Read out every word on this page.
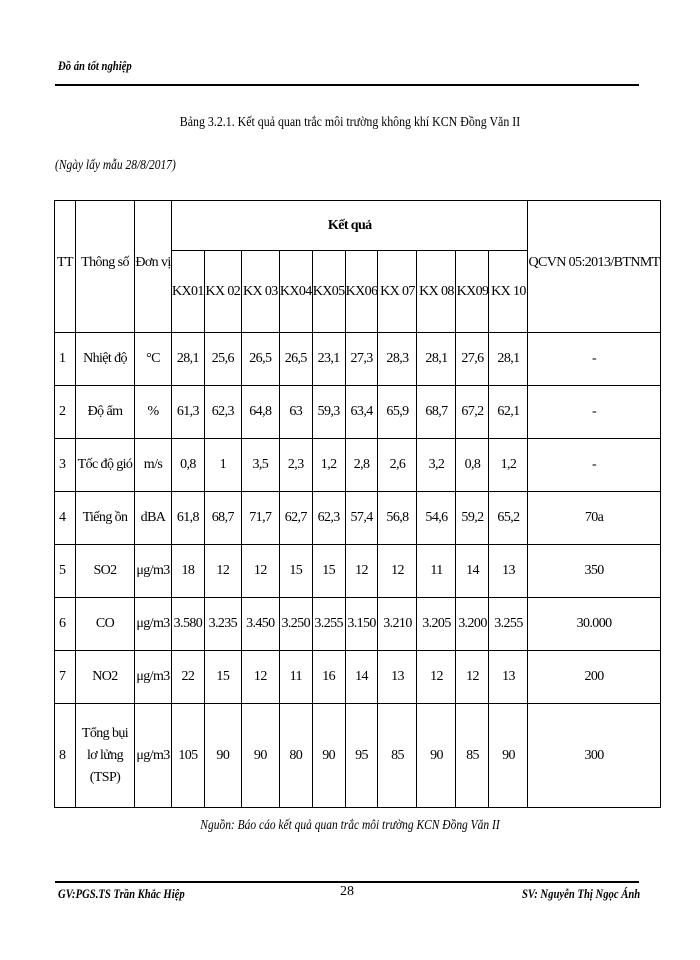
Đồ án tốt nghiệp
Bảng 3.2.1. Kết quả quan trắc môi trường không khí KCN Đồng Văn II
(Ngày lấy mẫu 28/8/2017)
TT	Thông số	Đơn vị	Kết quả										QCVN 05:2013/BTNMT
			KX01	KX 02	KX 03	KX04	KX05	KX06	KX 07	KX 08	KX09	KX 10	
1	Nhiệt độ	°C	28,1	25,6	26,5	26,5	23,1	27,3	28,3	28,1	27,6	28,1	-
2	Độ ẩm	%	61,3	62,3	64,8	63	59,3	63,4	65,9	68,7	67,2	62,1	-
3	Tốc độ gió	m/s	0,8	1	3,5	2,3	1,2	2,8	2,6	3,2	0,8	1,2	-
4	Tiếng ồn	dBA	61,8	68,7	71,7	62,7	62,3	57,4	56,8	54,6	59,2	65,2	70a
5	SO2	μg/m3	18	12	12	15	15	12	12	11	14	13	350
6	CO	μg/m3	3.580	3.235	3.450	3.250	3.255	3.150	3.210	3.205	3.200	3.255	30.000
7	NO2	μg/m3	22	15	12	11	16	14	13	12	12	13	200
8	Tổng bụi lơ lửng (TSP)	μg/m3	105	90	90	80	90	95	85	90	85	90	300
Nguồn: Báo cáo kết quả quan trắc môi trường KCN Đồng Văn II
GV:PGS.TS Trần Khắc Hiệp	28	SV: Nguyễn Thị Ngọc Ánh
